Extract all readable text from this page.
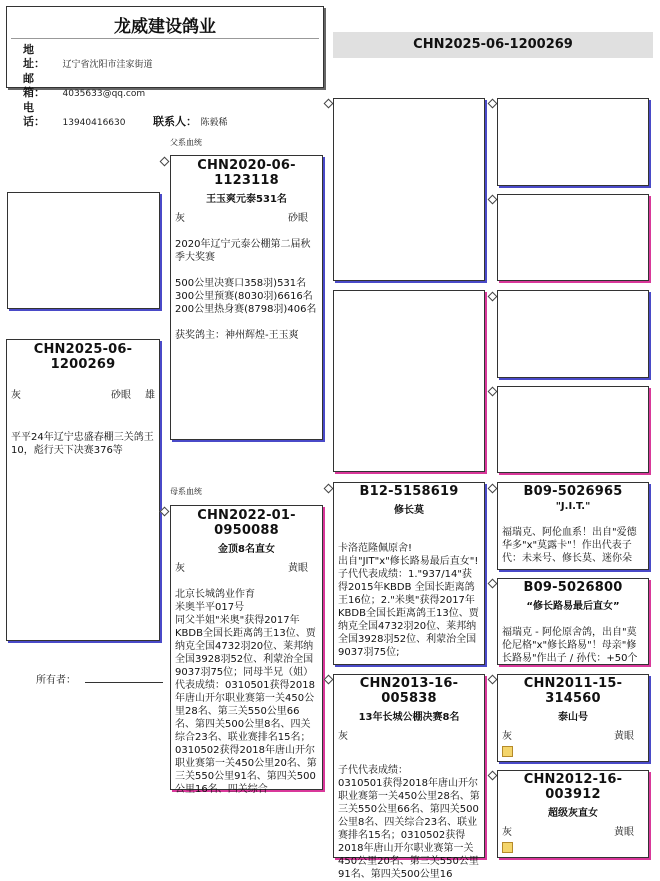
龙威建设鸽业
地 址： 辽宁省沈阳市洼家街道
邮 箱： 4035633@qq.com
电 话： 13940416630	联系人： 陈毅稀
CHN2025-06-1200269
CHN2025-06-1200269
灰	砂眼	雄
平平24年辽宁忠盛春棚三关鸽王10，彪行天下决赛376等
所有者：
父系血统
CHN2020-06-1123118
王玉爽元泰531名
灰	砂眼
2020年辽宁元泰公棚第二届秋季大奖赛

500公里决赛口358羽)531名
300公里预赛(8030羽)6616名
200公里热身赛(8798羽)406名

获奖鸽主：神州辉煌-王玉爽
母系血统
CHN2022-01-0950088
金顶8名直女
灰	黄眼
北京长城鸽业作育
米奥半平017号
同父半姐"米奥"获得2017年KBDB全国长距离鸽王13位、贾纳克全国4732羽20位、莱邦纳全国3928羽52位、利蒙治全国9037羽75位；同母半兄（姐）代表成绩：0310501获得2018年唐山开尔职业赛第一关450公里28名、第三关550公里66名、第四关500公里8名、四关综合23名、联业赛排名15名；0310502获得2018年唐山开尔职业赛第一关450公里20名、第三关550公里91名、第四关500公里16名、四关综合
B12-5158619
修长莫
卡洛范隆佩原舍!
出自"JIT"x"修长路易最后直女"!
子代代表成绩：1."937/14"获得2015年KBDB 全国长距离鸽王16位；2."米奥"获得2017年KBDB全国长距离鸽王13位、贾纳克全国4732羽20位、莱邦纳全国3928羽52位、利蒙治全国9037羽75位;
CHN2013-16-005838
13年长城公棚决赛8名
灰
子代代表成绩：
0310501获得2018年唐山开尔职业赛第一关450公里28名、第三关550公里66名、第四关500公里8名、四关综合23名、联业赛排名15名；0310502获得2018年唐山开尔职业赛第一关450公里20名、第三关550公里91名、第四关500公里16
B09-5026965
"J.I.T."
福瑞克、阿伦血系！出自"爱德华多"x"莫露卡"！作出代表子代：未来号、修长莫、迷你朵
B09-5026800
“修长路易最后直女”
福瑞克 - 阿伦原舍鸽，出自"莫伦尼格"x"修长路易"！母亲"修长路易"作出子 / 孙代：+50个
CHN2011-15-314560
泰山号
灰	黄眼
CHN2012-16-003912
超级灰直女
灰	黄眼
